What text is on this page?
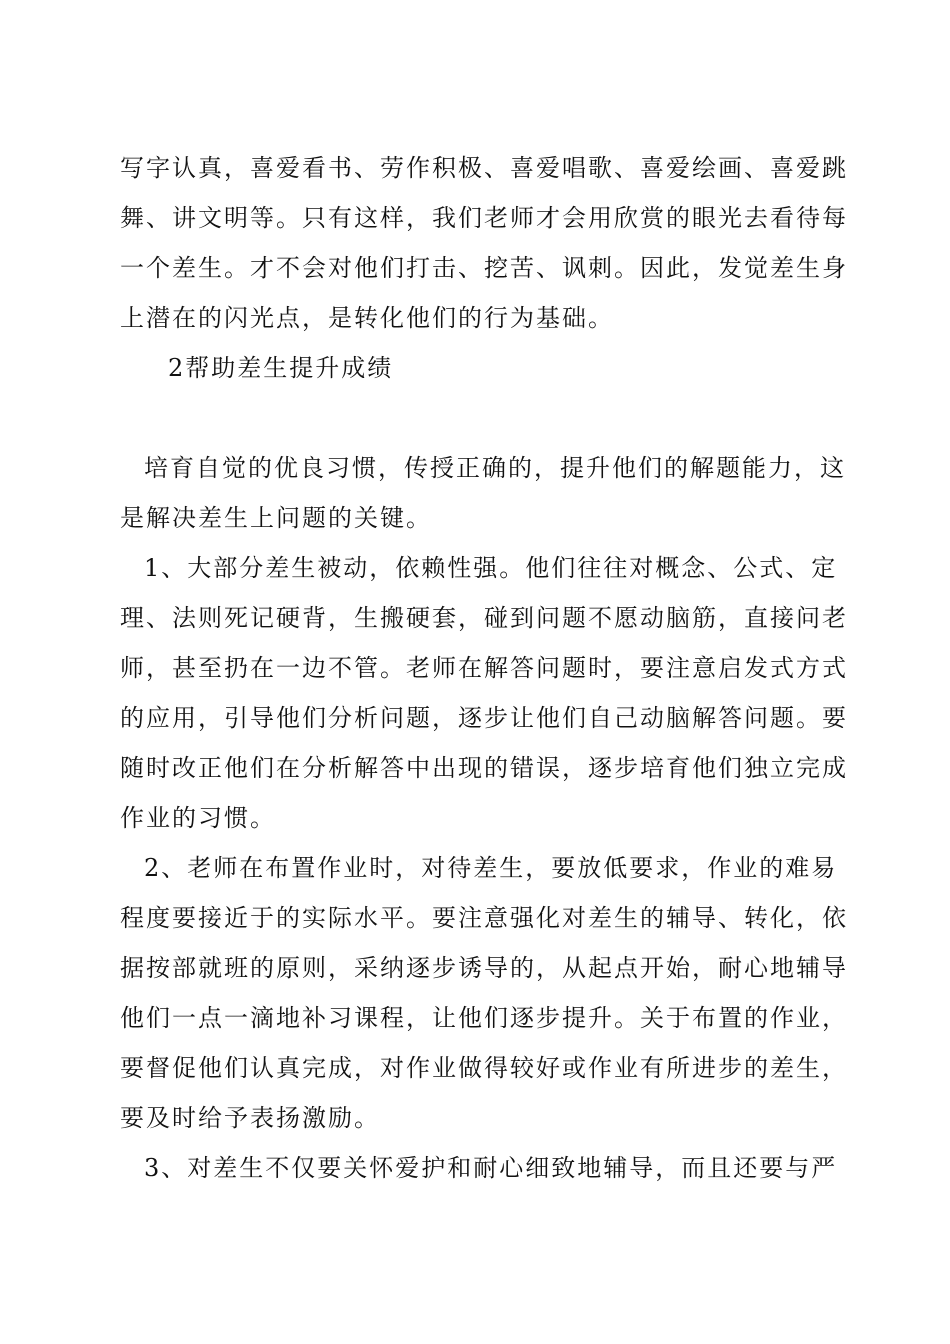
写字认真，喜爱看书、劳作积极、喜爱唱歌、喜爱绘画、喜爱跳
舞、讲文明等。只有这样，我们老师才会用欣赏的眼光去看待每
一个差生。才不会对他们打击、挖苦、讽刺。因此，发觉差生身
上潜在的闪光点，是转化他们的行为基础。
2帮助差生提升成绩
培育自觉的优良习惯，传授正确的，提升他们的解题能力，这
是解决差生上问题的关键。
1、大部分差生被动，依赖性强。他们往往对概念、公式、定
理、法则死记硬背，生搬硬套，碰到问题不愿动脑筋，直接问老
师，甚至扔在一边不管。老师在解答问题时，要注意启发式方式
的应用，引导他们分析问题，逐步让他们自己动脑解答问题。要
随时改正他们在分析解答中出现的错误，逐步培育他们独立完成
作业的习惯。
2、老师在布置作业时，对待差生，要放低要求，作业的难易
程度要接近于的实际水平。要注意强化对差生的辅导、转化，依
据按部就班的原则，采纳逐步诱导的，从起点开始，耐心地辅导
他们一点一滴地补习课程，让他们逐步提升。关于布置的作业，
要督促他们认真完成，对作业做得较好或作业有所进步的差生，
要及时给予表扬激励。
3、对差生不仅要关怀爱护和耐心细致地辅导，而且还要与严
